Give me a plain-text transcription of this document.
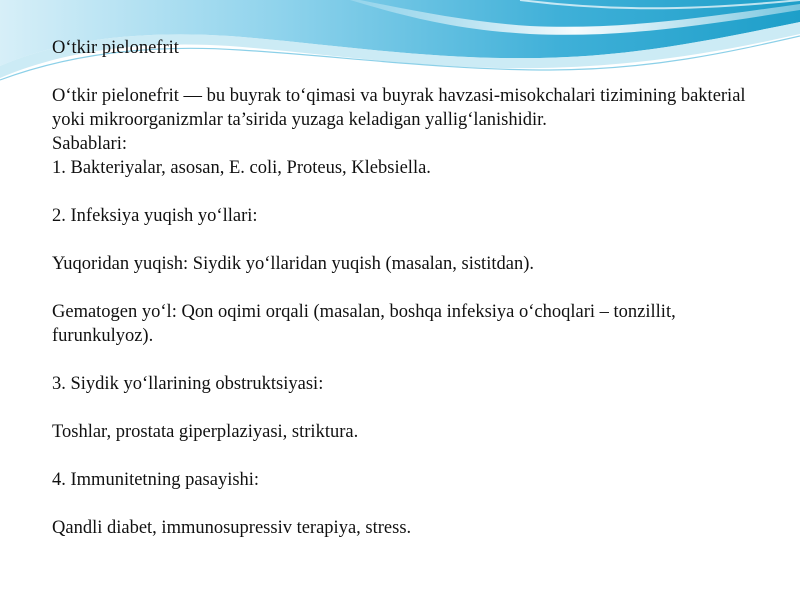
O‘tkir pielonefrit

O‘tkir pielonefrit — bu buyrak to‘qimasi va buyrak havzasi-misokchalari tizimining bakterial yoki mikroorganizmlar ta’sirida yuzaga keladigan yallig‘lanishidir.

Sabablari:

1. Bakteriyalar, asosan, E. coli, Proteus, Klebsiella.

2. Infeksiya yuqish yo‘llari:

Yuqoridan yuqish: Siydik yo‘llaridan yuqish (masalan, sistitdan).

Gematogen yo‘l: Qon oqimi orqali (masalan, boshqa infeksiya o‘choqlari – tonzillit, furunkulyoz).

3. Siydik yo‘llarining obstruktsiyasi:

Toshlar, prostata giperplaziyasi, striktura.

4. Immunitetning pasayishi:

Qandli diabet, immunosupressiv terapiya, stress.
